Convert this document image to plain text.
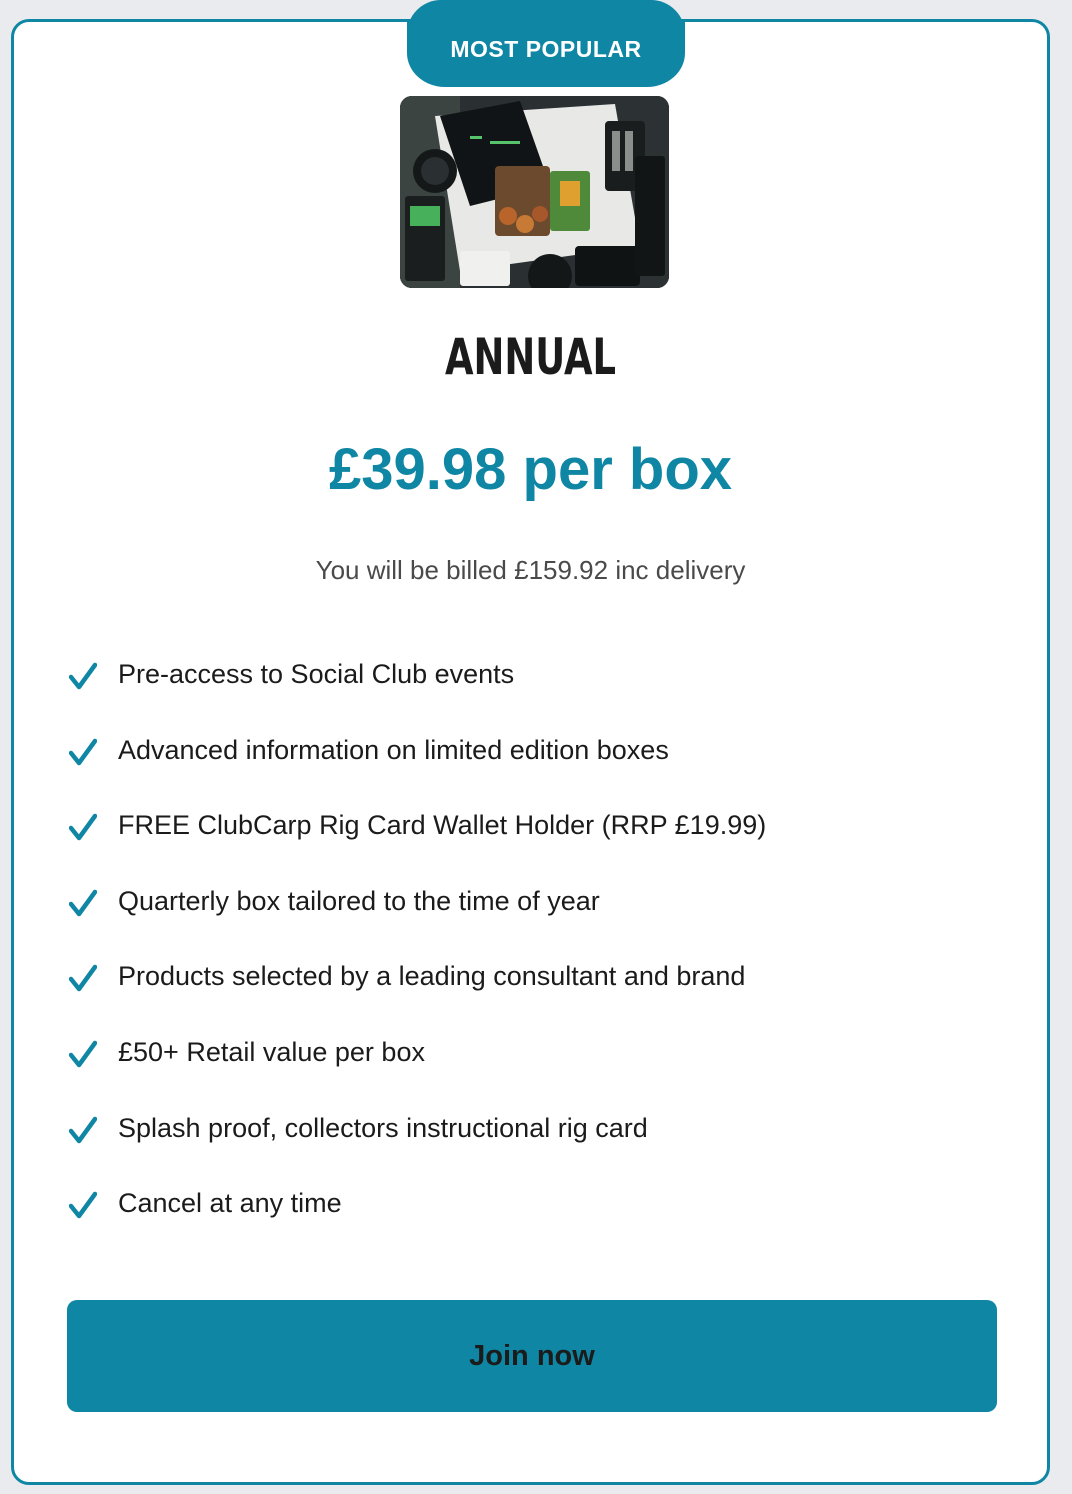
MOST POPULAR
ANNUAL
£39.98 per box
You will be billed £159.92 inc delivery
Pre-access to Social Club events
Advanced information on limited edition boxes
FREE ClubCarp Rig Card Wallet Holder (RRP £19.99)
Quarterly box tailored to the time of year
Products selected by a leading consultant and brand
£50+ Retail value per box
Splash proof, collectors instructional rig card
Cancel at any time
Join now
